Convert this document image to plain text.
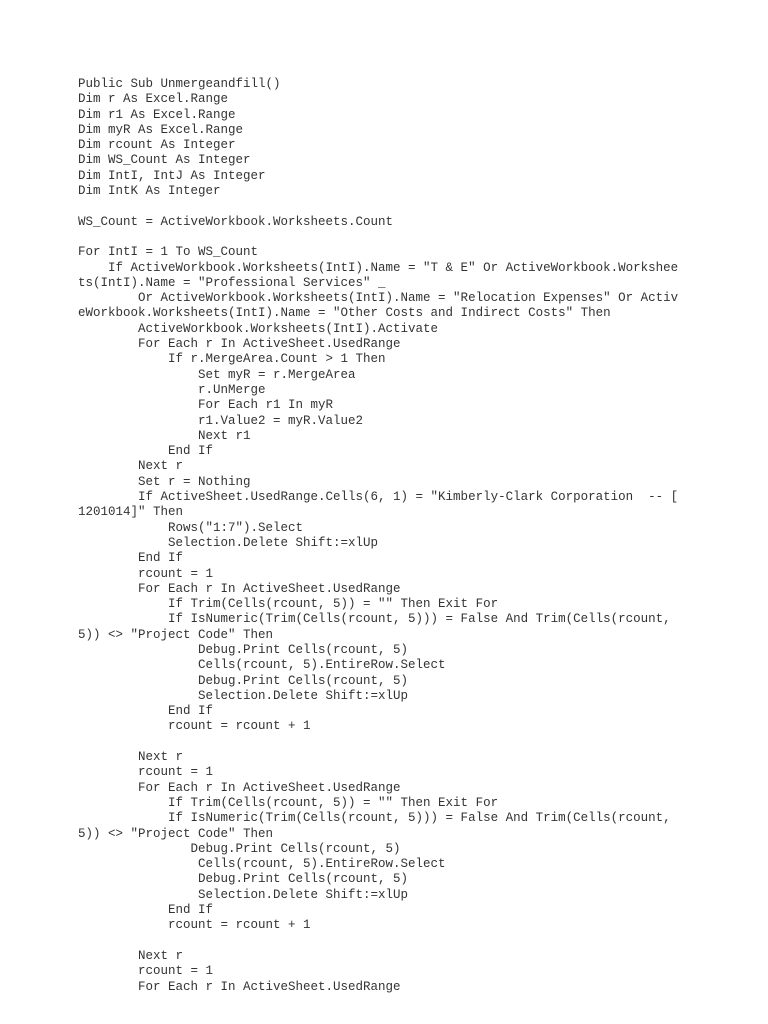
Public Sub Unmergeandfill()
Dim r As Excel.Range
Dim r1 As Excel.Range
Dim myR As Excel.Range
Dim rcount As Integer
Dim WS_Count As Integer
Dim IntI, IntJ As Integer
Dim IntK As Integer
WS_Count = ActiveWorkbook.Worksheets.Count
For IntI = 1 To WS_Count
If ActiveWorkbook.Worksheets(IntI).Name = "T & E" Or ActiveWorkbook.Workshee
ts(IntI).Name = "Professional Services" _
Or ActiveWorkbook.Worksheets(IntI).Name = "Relocation Expenses" Or Activ
eWorkbook.Worksheets(IntI).Name = "Other Costs and Indirect Costs" Then
ActiveWorkbook.Worksheets(IntI).Activate
For Each r In ActiveSheet.UsedRange
If r.MergeArea.Count > 1 Then
Set myR = r.MergeArea
r.UnMerge
For Each r1 In myR
r1.Value2 = myR.Value2
Next r1
End If
Next r
Set r = Nothing
If ActiveSheet.UsedRange.Cells(6, 1) = "Kimberly-Clark Corporation  -- [
1201014]" Then
Rows("1:7").Select
Selection.Delete Shift:=xlUp
End If
rcount = 1
For Each r In ActiveSheet.UsedRange
If Trim(Cells(rcount, 5)) = "" Then Exit For
If IsNumeric(Trim(Cells(rcount, 5))) = False And Trim(Cells(rcount,
5)) <> "Project Code" Then
Debug.Print Cells(rcount, 5)
Cells(rcount, 5).EntireRow.Select
Debug.Print Cells(rcount, 5)
Selection.Delete Shift:=xlUp
End If
rcount = rcount + 1
Next r
rcount = 1
For Each r In ActiveSheet.UsedRange
If Trim(Cells(rcount, 5)) = "" Then Exit For
If IsNumeric(Trim(Cells(rcount, 5))) = False And Trim(Cells(rcount,
5)) <> "Project Code" Then
Debug.Print Cells(rcount, 5)
Cells(rcount, 5).EntireRow.Select
Debug.Print Cells(rcount, 5)
Selection.Delete Shift:=xlUp
End If
rcount = rcount + 1
Next r
rcount = 1
For Each r In ActiveSheet.UsedRange
